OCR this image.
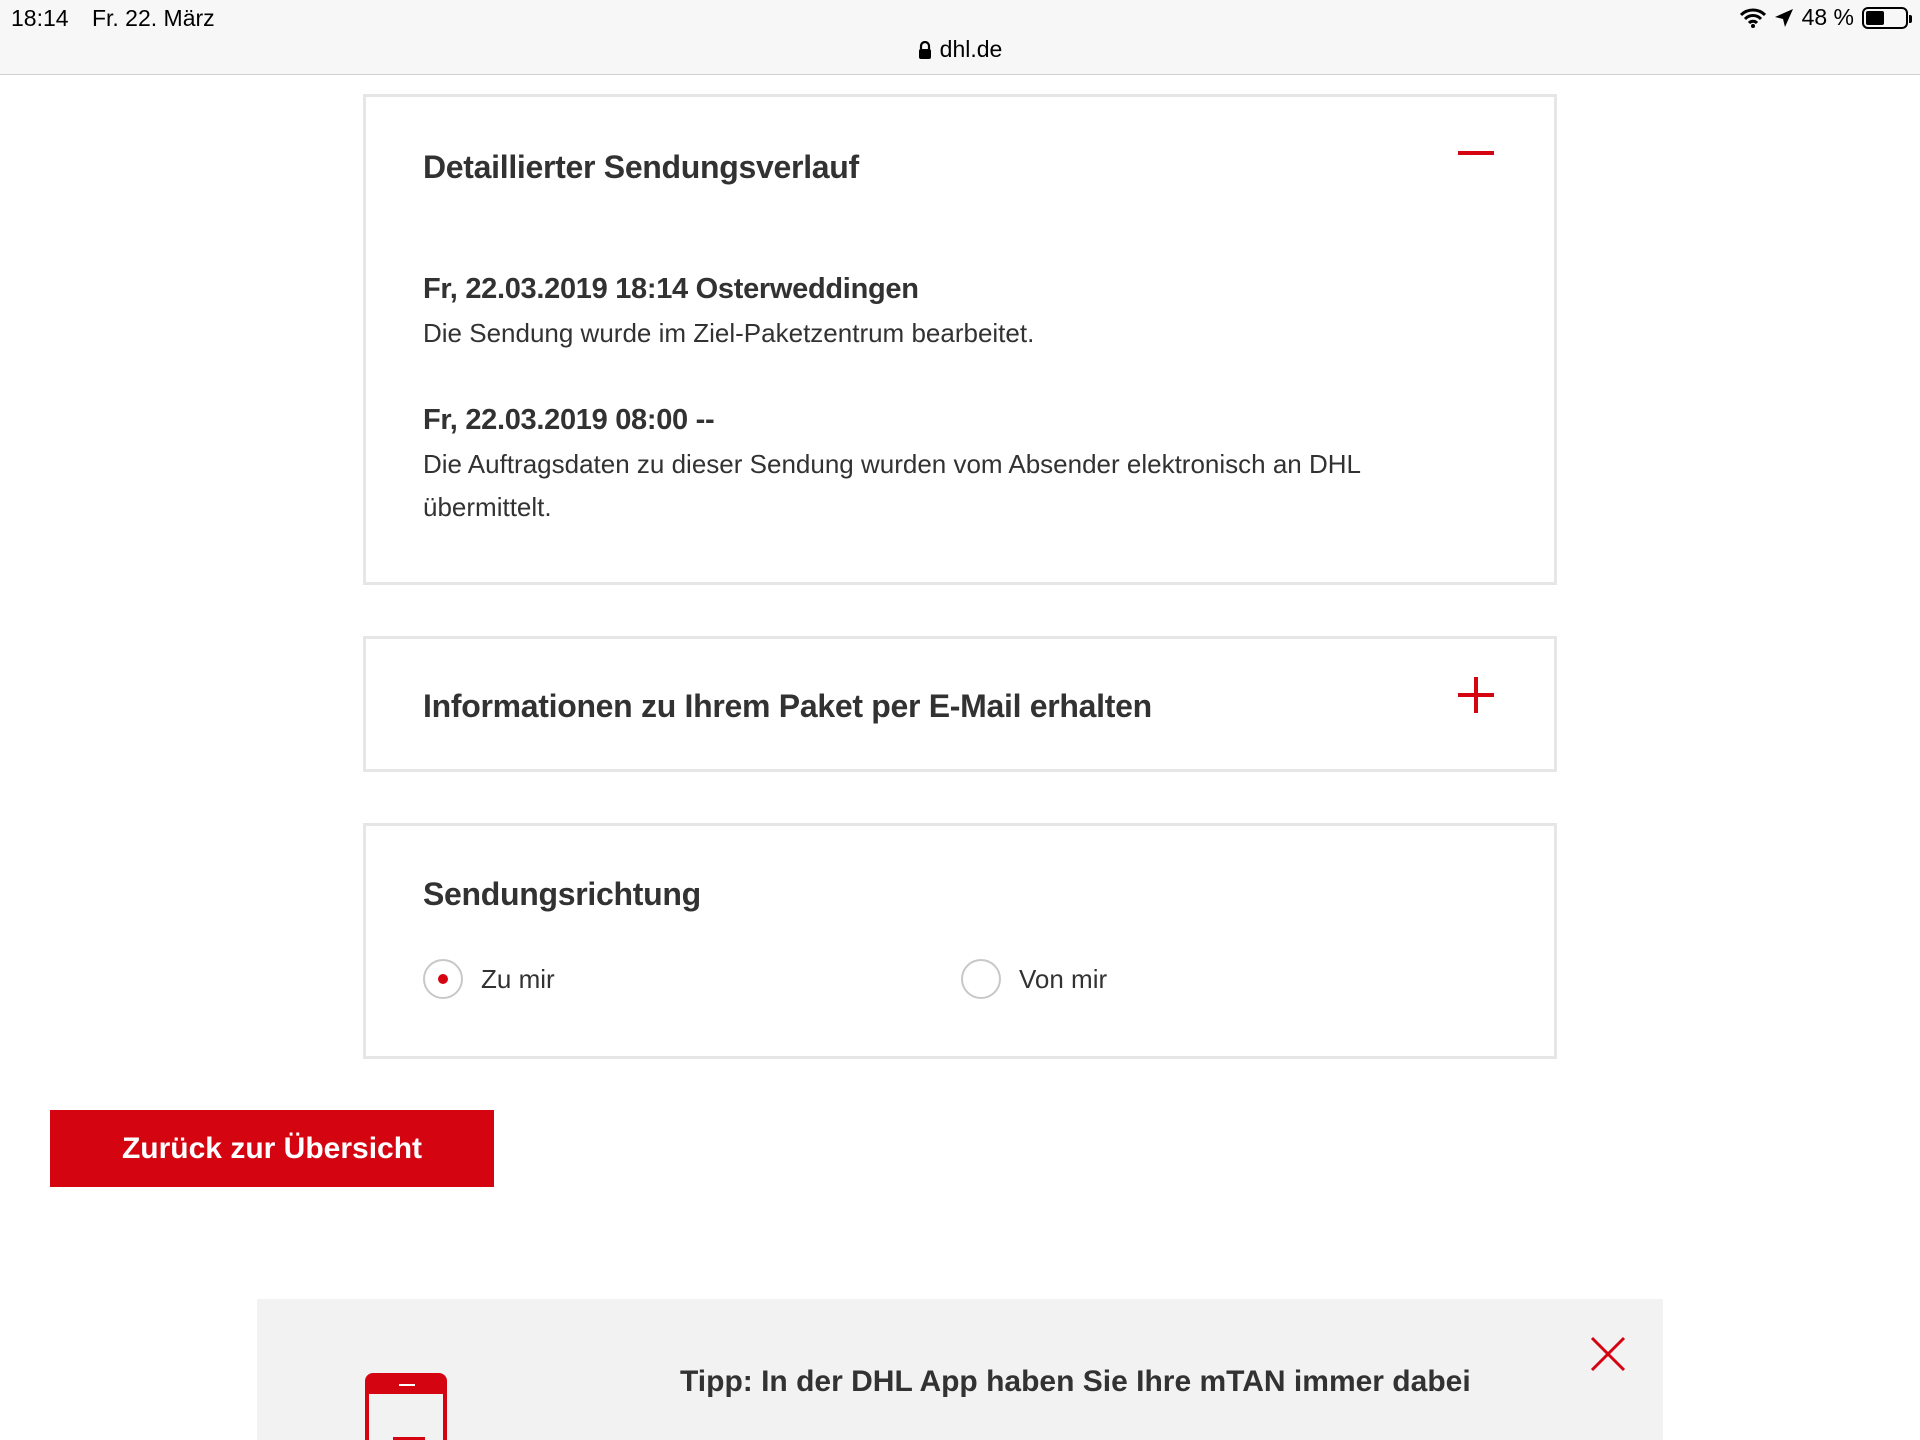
18:14 Fr. 22. März	48 %
dhl.de
Detaillierter Sendungsverlauf
Fr, 22.03.2019 18:14 Osterweddingen
Die Sendung wurde im Ziel-Paketzentrum bearbeitet.
Fr, 22.03.2019 08:00 --
Die Auftragsdaten zu dieser Sendung wurden vom Absender elektronisch an DHL übermittelt.
Informationen zu Ihrem Paket per E-Mail erhalten
Sendungsrichtung
Zu mir	Von mir
Zurück zur Übersicht
Tipp: In der DHL App haben Sie Ihre mTAN immer dabei
